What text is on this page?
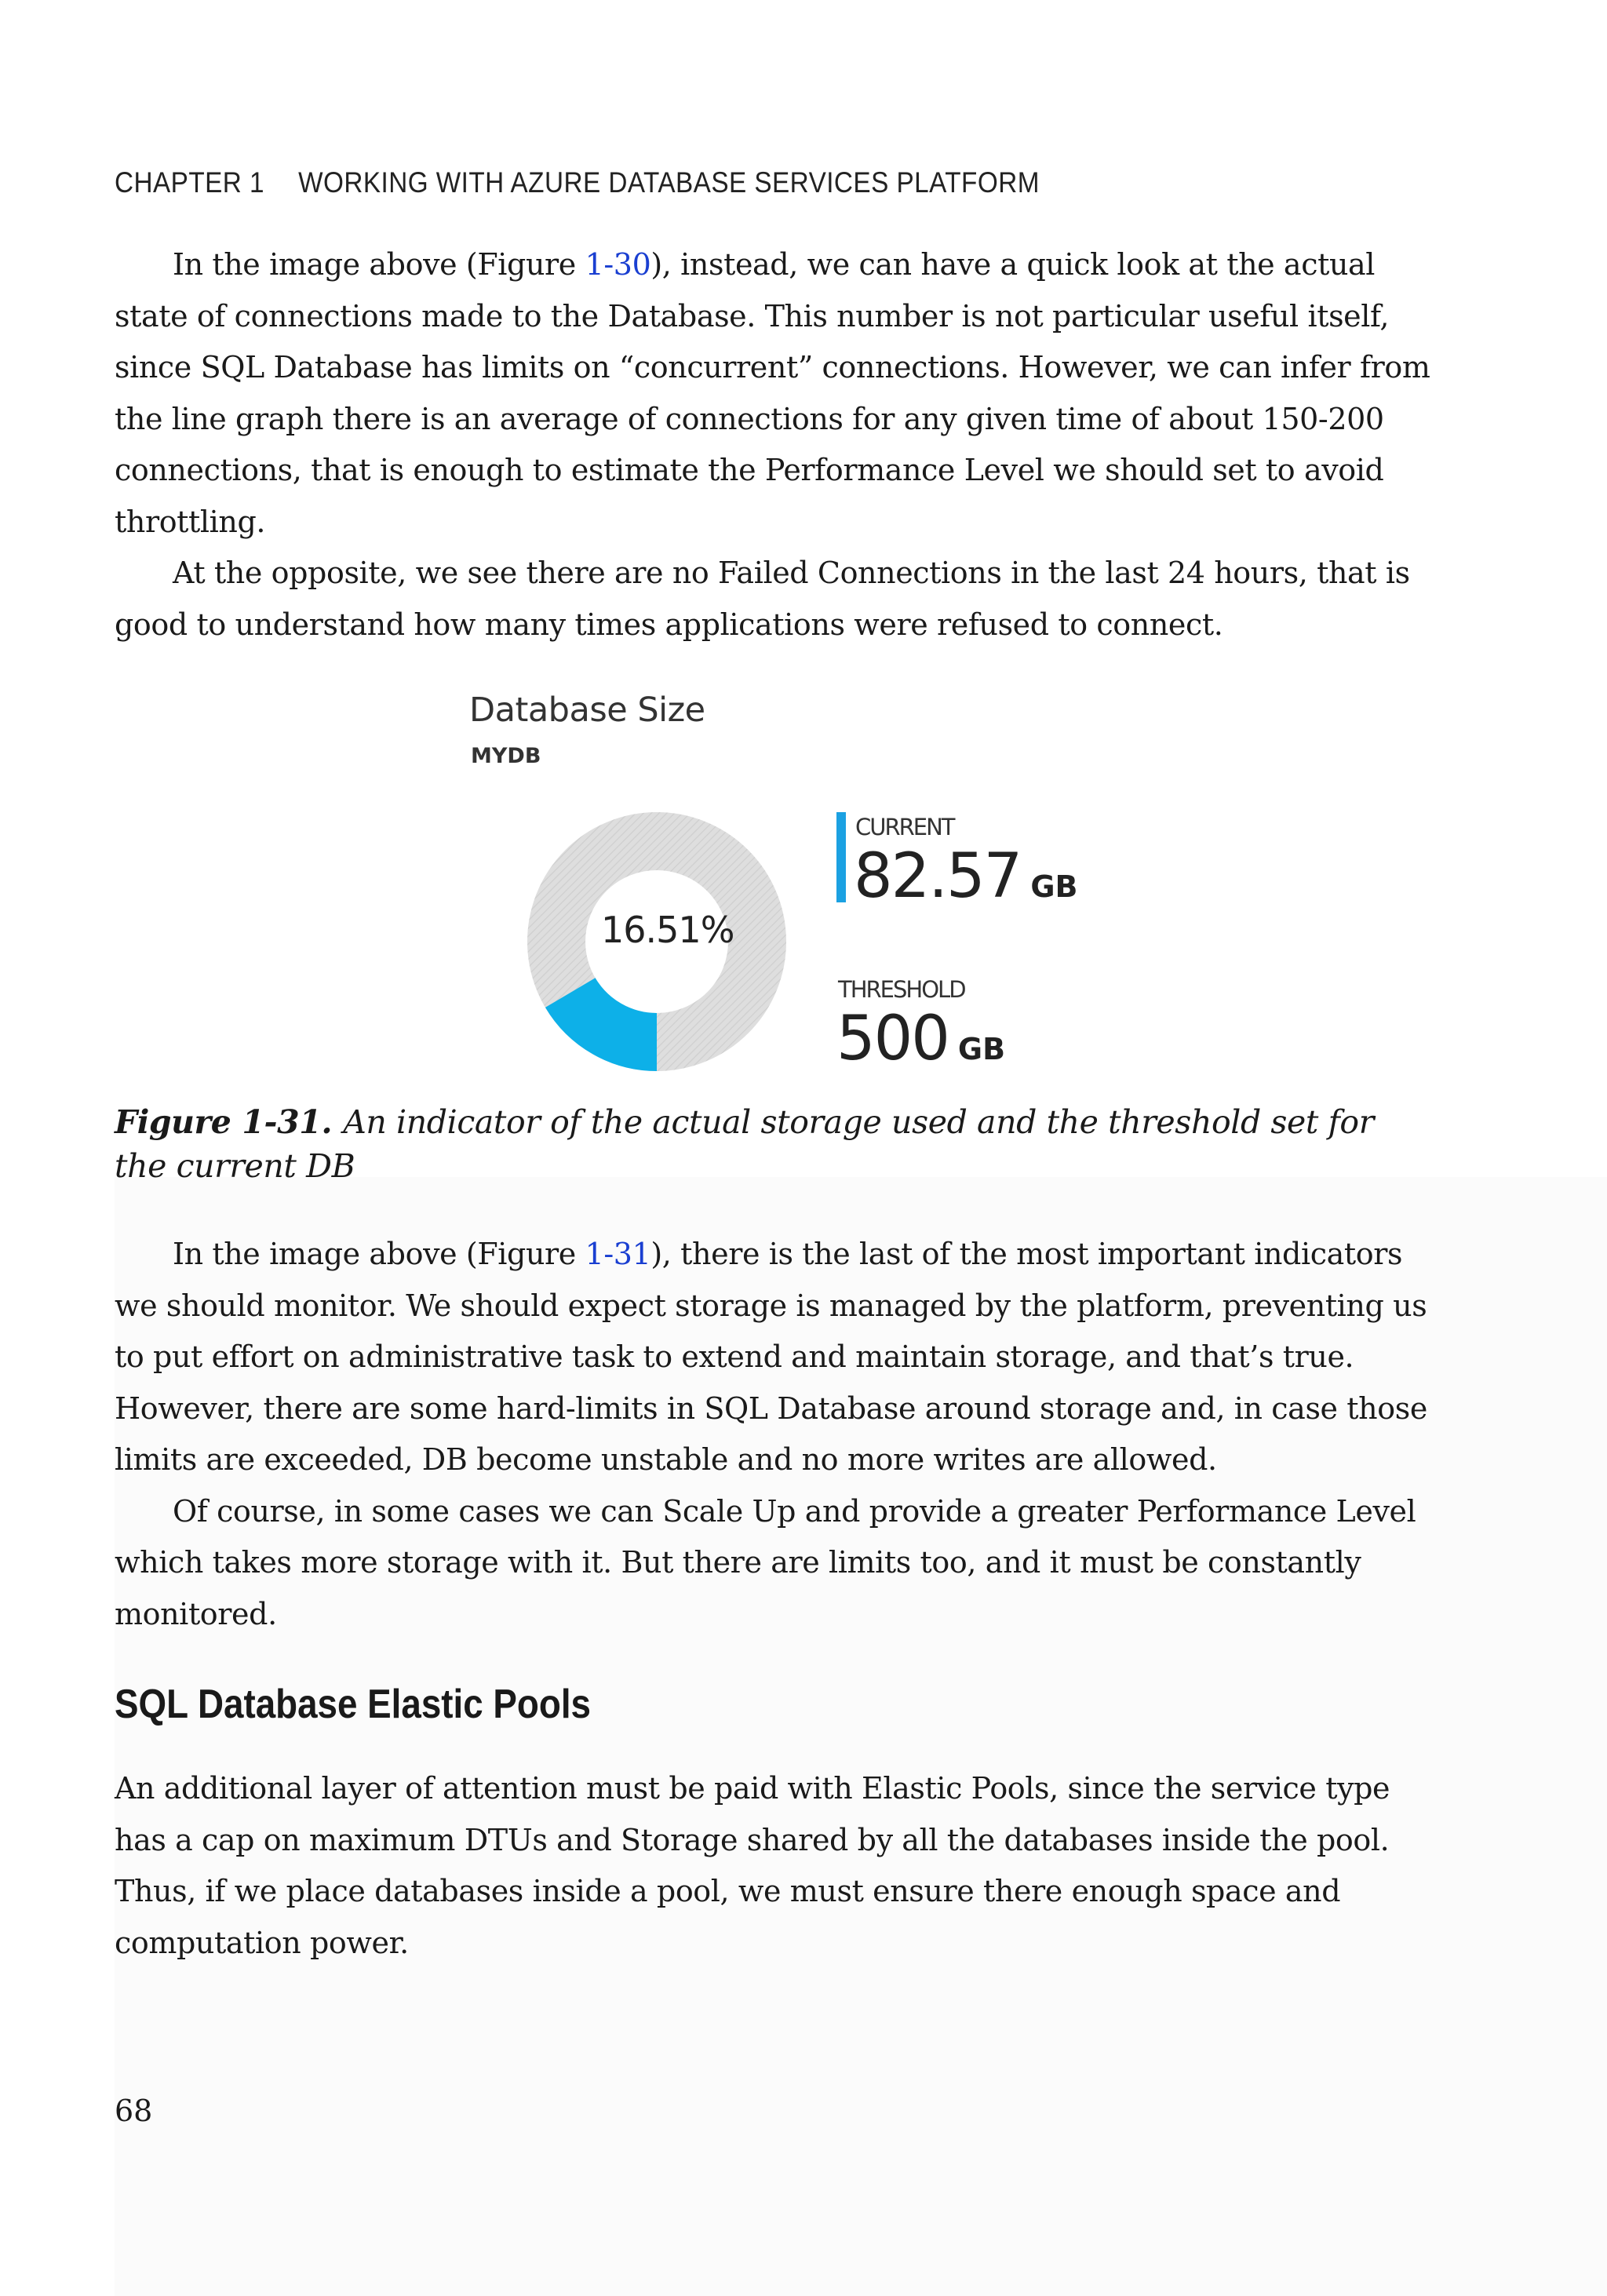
CHAPTER 1 WORKING WITH AZURE DATABASE SERVICES PLATFORM

In the image above (Figure 1-30), instead, we can have a quick look at the actual state of connections made to the Database. This number is not particular useful itself, since SQL Database has limits on “concurrent” connections. However, we can infer from the line graph there is an average of connections for any given time of about 150-200 connections, that is enough to estimate the Performance Level we should set to avoid throttling.

At the opposite, we see there are no Failed Connections in the last 24 hours, that is good to understand how many times applications were refused to connect.

Database Size
MYDB
16.51%
CURRENT
82.57 GB
THRESHOLD
500 GB
Figure 1-31. An indicator of the actual storage used and the threshold set for the current DB

In the image above (Figure 1-31), there is the last of the most important indicators we should monitor. We should expect storage is managed by the platform, preventing us to put effort on administrative task to extend and maintain storage, and that’s true. However, there are some hard-limits in SQL Database around storage and, in case those limits are exceeded, DB become unstable and no more writes are allowed.

Of course, in some cases we can Scale Up and provide a greater Performance Level which takes more storage with it. But there are limits too, and it must be constantly monitored.

SQL Database Elastic Pools

An additional layer of attention must be paid with Elastic Pools, since the service type has a cap on maximum DTUs and Storage shared by all the databases inside the pool. Thus, if we place databases inside a pool, we must ensure there enough space and computation power.

68
